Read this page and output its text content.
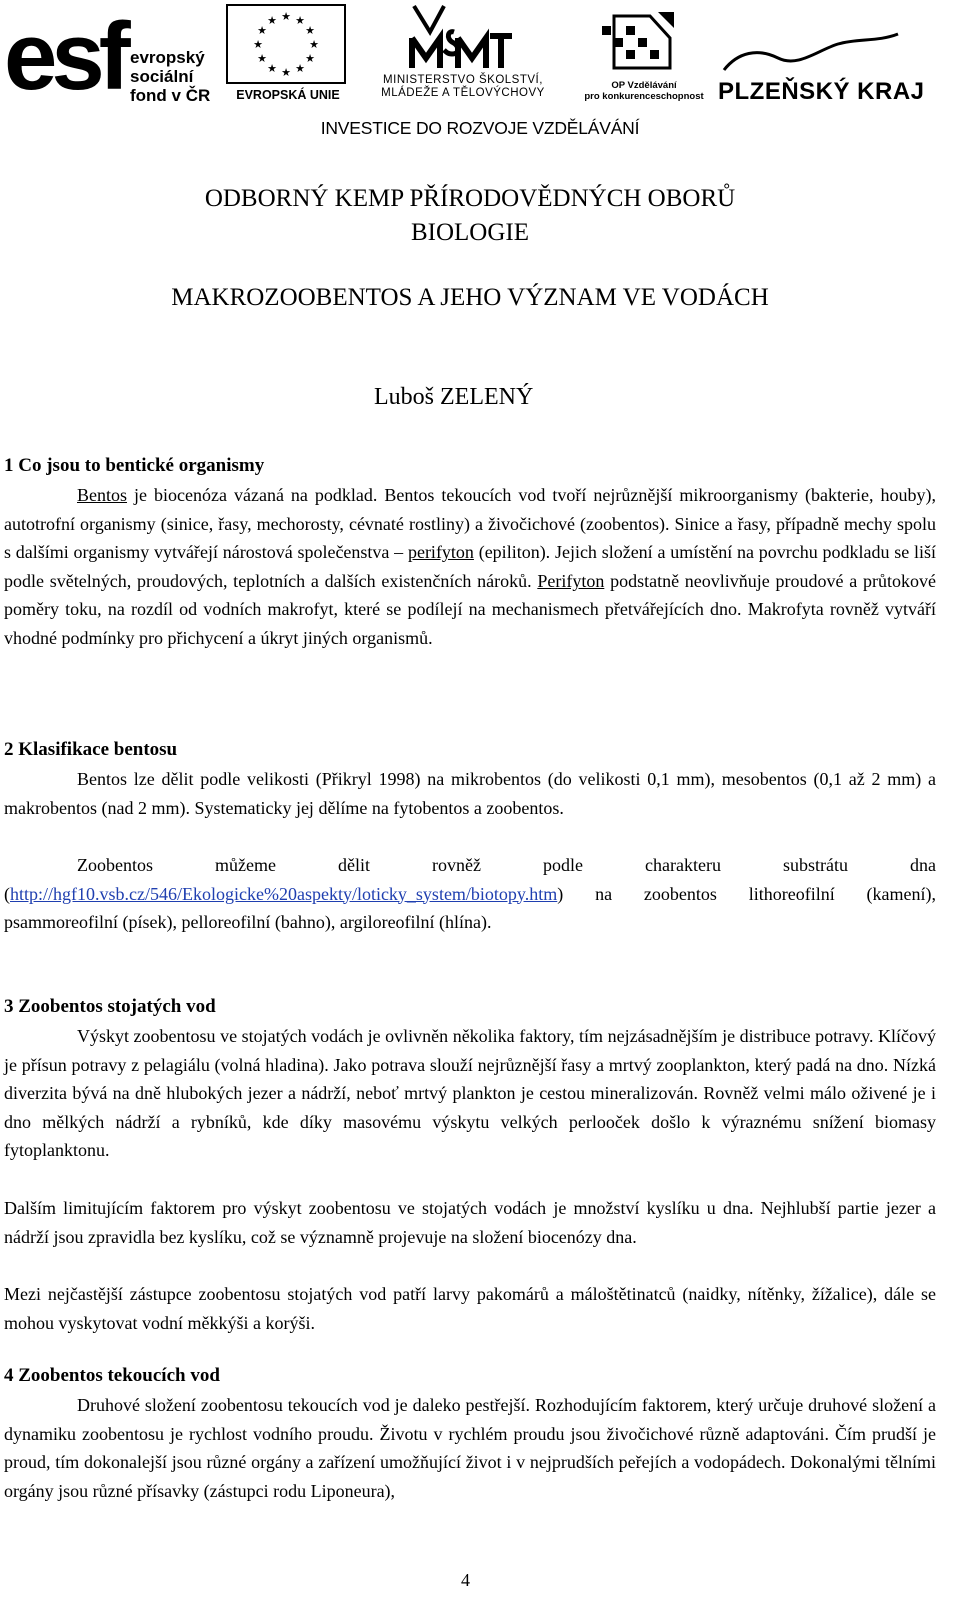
esf evropský
sociální
fond v ČR
★ ★
★
★
★
★
★
★
★
★
★
★
EVROPSKÁ UNIE
MINISTERSTVO ŠKOLSTVÍ,
MLÁDEŽE A TĚLOVÝCHOVY
OP Vzdělávání
pro konkurenceschopnost PLZEŇSKÝ KRAJ
INVESTICE DO ROZVOJE VZDĚLÁVÁNÍ
ODBORNÝ KEMP PŘÍRODOVĚDNÝCH OBORŮ
BIOLOGIE
MAKROZOOBENTOS A JEHO VÝZNAM VE VODÁCH
Luboš ZELENÝ
1 Co jsou to bentické organismy

Bentos je biocenóza vázaná na podklad. Bentos tekoucích vod tvoří nejrůznější mikroorganismy (bakterie, houby), autotrofní organismy (sinice, řasy, mechorosty, cévnaté rostliny) a živočichové (zoobentos). Sinice a řasy, případně mechy spolu s dalšími organismy vytvářejí nárostová společenstva – perifyton (epiliton). Jejich složení a umístění na povrchu podkladu se liší podle světelných, proudových, teplotních a dalších existenčních nároků. Perifyton podstatně neovlivňuje proudové a průtokové poměry toku, na rozdíl od vodních makrofyt, které se podílejí na mechanismech přetvářejících dno. Makrofyta rovněž vytváří vhodné podmínky pro přichycení a úkryt jiných organismů.

2 Klasifikace bentosu

Bentos lze dělit podle velikosti (Přikryl 1998) na mikrobentos (do velikosti 0,1 mm), mesobentos (0,1 až 2 mm) a makrobentos (nad 2 mm). Systematicky jej dělíme na fytobentos a zoobentos.

Zoobentos můžeme dělit rovněž podle charakteru substrátu dna (http://hgf10.vsb.cz/546/Ekologicke%20aspekty/loticky_system/biotopy.htm) na zoobentos lithoreofilní (kamení), psammoreofilní (písek), pelloreofilní (bahno), argiloreofilní (hlína).

3 Zoobentos stojatých vod

Výskyt zoobentosu ve stojatých vodách je ovlivněn několika faktory, tím nejzásadnějším je distribuce potravy. Klíčový je přísun potravy z pelagiálu (volná hladina). Jako potrava slouží nejrůznější řasy a mrtvý zooplankton, který padá na dno. Nízká diverzita bývá na dně hlubokých jezer a nádrží, neboť mrtvý plankton je cestou mineralizován. Rovněž velmi málo oživené je i dno mělkých nádrží a rybníků, kde díky masovému výskytu velkých perlooček došlo k výraznému snížení biomasy fytoplanktonu.

Dalším limitujícím faktorem pro výskyt zoobentosu ve stojatých vodách je množství kyslíku u dna. Nejhlubší partie jezer a nádrží jsou zpravidla bez kyslíku, což se významně projevuje na složení biocenózy dna.

Mezi nejčastější zástupce zoobentosu stojatých vod patří larvy pakomárů a máloštětinatců (naidky, nítěnky, žížalice), dále se mohou vyskytovat vodní měkkýši a korýši.

4 Zoobentos tekoucích vod

Druhové složení zoobentosu tekoucích vod je daleko pestřejší. Rozhodujícím faktorem, který určuje druhové složení a dynamiku zoobentosu je rychlost vodního proudu. Životu v rychlém proudu jsou živočichové různě adaptováni. Čím prudší je proud, tím dokonalejší jsou různé orgány a zařízení umožňující život i v nejprudších peřejích a vodopádech. Dokonalými tělními orgány jsou různé přísavky (zástupci rodu Liponeura),

4
